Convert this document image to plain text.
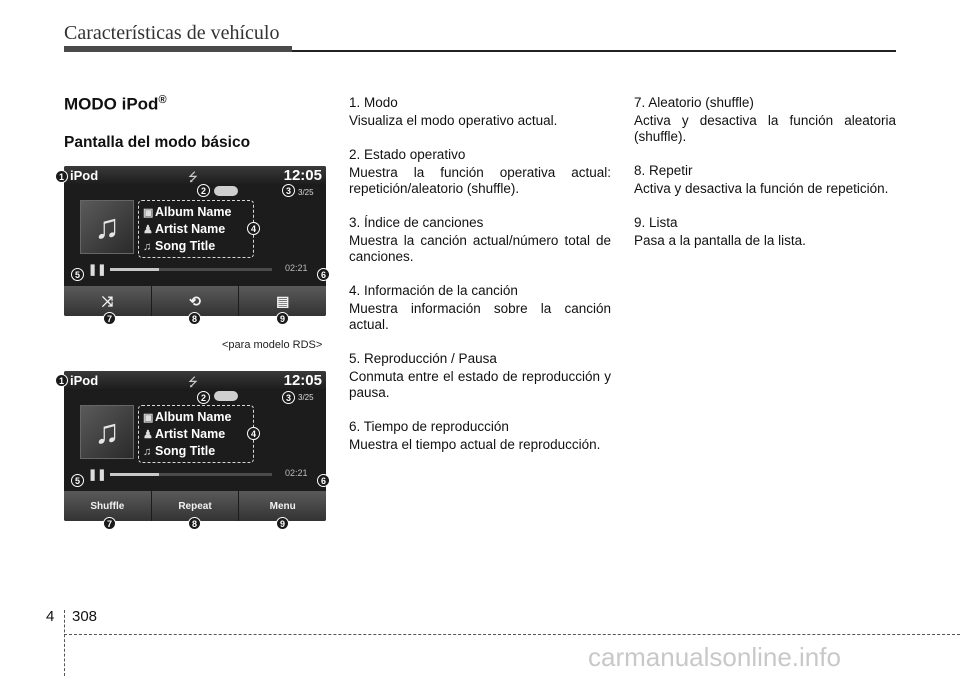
Características de vehículo
MODO iPod®
Pantalla del modo básico
iPod	⭍	12:05
3/25
♫	▣ Album Name
♟ Artist Name
♫ Song Title
❚❚	02:21
⤨	⟲	▤
1
2	3
4
5	6
7	8	9
<para modelo RDS>
iPod	⭍	12:05
3/25
♫	▣ Album Name
♟ Artist Name
♫ Song Title
❚❚	02:21
Shuffle	Repeat	Menu
1
2	3
4
5	6
7	8	9
1. Modo
Visualiza el modo operativo actual.
2. Estado operativo
Muestra la función operativa actual: repetición/aleatorio (shuffle).
3. Índice de canciones
Muestra la canción actual/número total de canciones.
4. Información de la canción
Muestra información sobre la canción actual.
5. Reproducción / Pausa
Conmuta entre el estado de reproducción y pausa.
6. Tiempo de reproducción
Muestra el tiempo actual de reproducción.
7. Aleatorio (shuffle)
Activa y desactiva la función aleatoria (shuffle).
8. Repetir
Activa y desactiva la función de repetición.
9. Lista
Pasa a la pantalla de la lista.
4 308
carmanualsonline.info
